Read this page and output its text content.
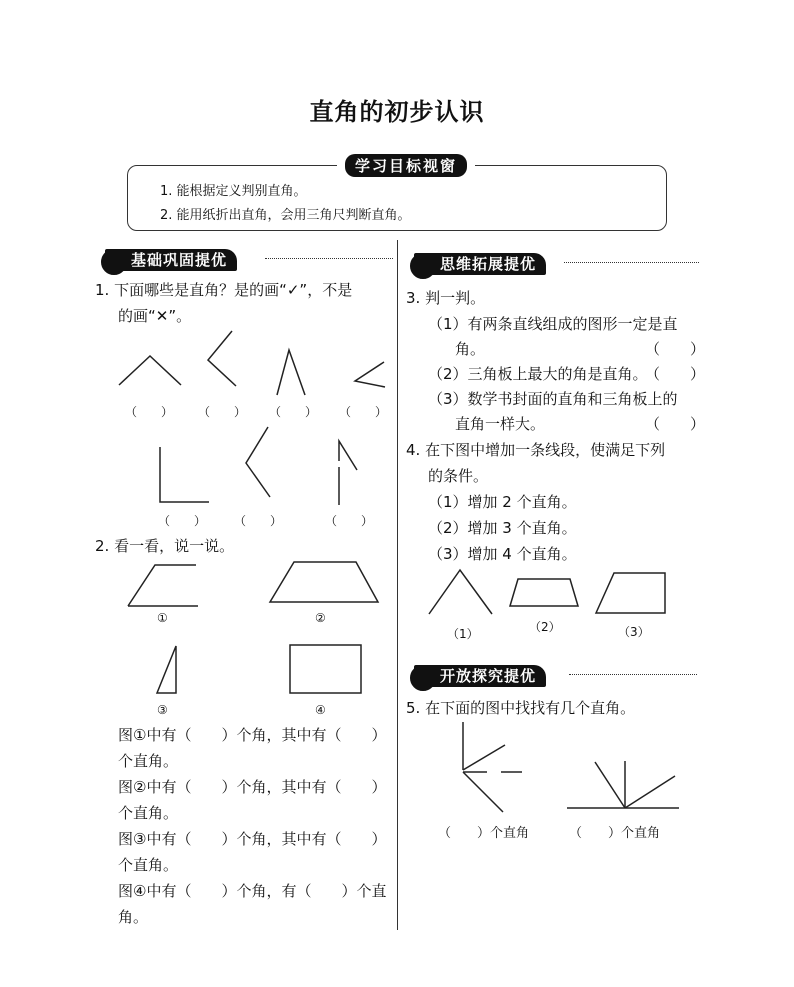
直角的初步认识
学习目标视窗
1. 能根据定义判别直角。
2. 能用纸折出直角，会用三角尺判断直角。
基础巩固提优
1. 下面哪些是直角？是的画“✓”，不是
的画“✕”。
（　　） （　　） （　　） （　　）
（　　） （　　）	（　　）
2. 看一看，说一说。
①	②
③	④
图①中有（　　）个角，其中有（　　）
个直角。
图②中有（　　）个角，其中有（　　）
个直角。
图③中有（　　）个角，其中有（　　）
个直角。
图④中有（　　）个角，有（　　）个直
角。
思维拓展提优
3. 判一判。
（1）有两条直线组成的图形一定是直
角。	（　　）
（2）三角板上最大的角是直角。
（　　）
（3）数学书封面的直角和三角板上的
直角一样大。	（　　）
4. 在下图中增加一条线段，使满足下列
的条件。
（1）增加 2 个直角。
（2）增加 3 个直角。
（3）增加 4 个直角。
（1）	（2）	（3）
开放探究提优
5. 在下面的图中找找有几个直角。
（　　）个直角	（　　）个直角
